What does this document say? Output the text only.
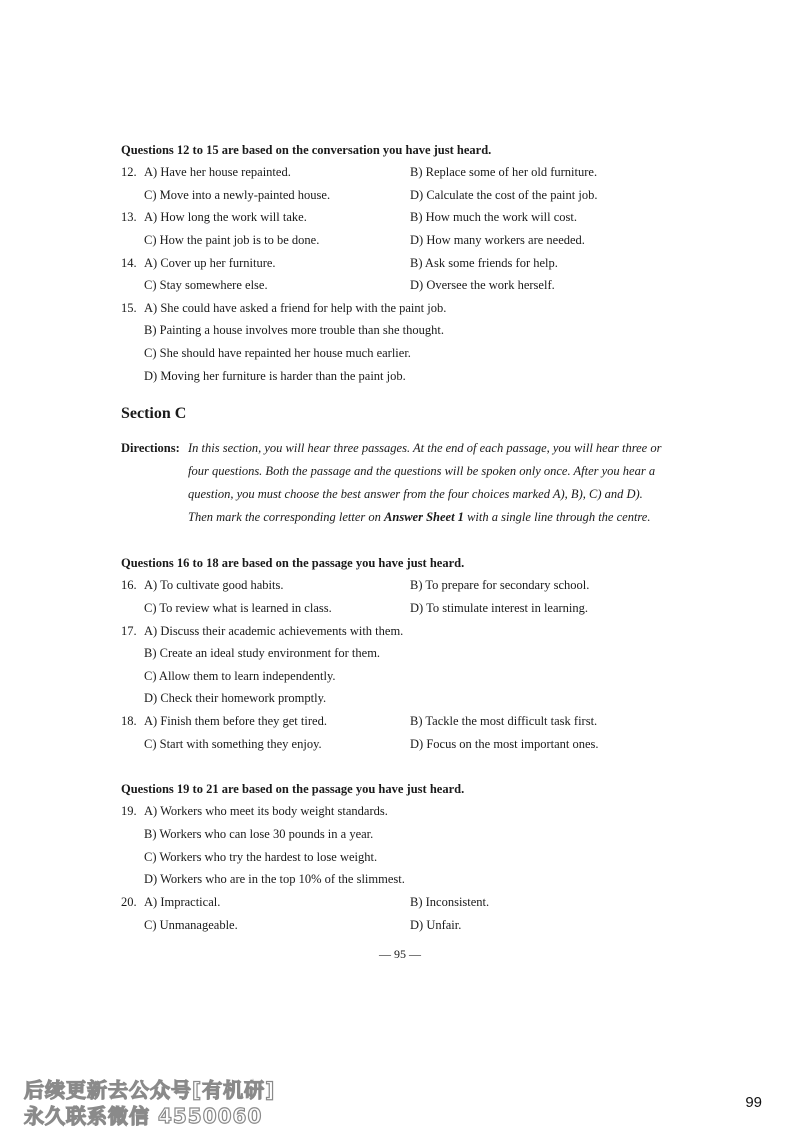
Questions 12 to 15 are based on the conversation you have just heard.
12. A) Have her house repainted.	B) Replace some of her old furniture.
C) Move into a newly-painted house.	D) Calculate the cost of the paint job.
13. A) How long the work will take.	B) How much the work will cost.
C) How the paint job is to be done.	D) How many workers are needed.
14. A) Cover up her furniture.	B) Ask some friends for help.
C) Stay somewhere else.	D) Oversee the work herself.
15. A) She could have asked a friend for help with the paint job.
B) Painting a house involves more trouble than she thought.
C) She should have repainted her house much earlier.
D) Moving her furniture is harder than the paint job.
Section C
Directions: In this section, you will hear three passages. At the end of each passage, you will hear three or
four questions. Both the passage and the questions will be spoken only once. After you hear a
question, you must choose the best answer from the four choices marked A), B), C) and D).
Then mark the corresponding letter on Answer Sheet 1 with a single line through the centre.
Questions 16 to 18 are based on the passage you have just heard.
16. A) To cultivate good habits.	B) To prepare for secondary school.
C) To review what is learned in class.	D) To stimulate interest in learning.
17. A) Discuss their academic achievements with them.
B) Create an ideal study environment for them.
C) Allow them to learn independently.
D) Check their homework promptly.
18. A) Finish them before they get tired.	B) Tackle the most difficult task first.
C) Start with something they enjoy.	D) Focus on the most important ones.
Questions 19 to 21 are based on the passage you have just heard.
19. A) Workers who meet its body weight standards.
B) Workers who can lose 30 pounds in a year.
C) Workers who try the hardest to lose weight.
D) Workers who are in the top 10% of the slimmest.
20. A) Impractical.	B) Inconsistent.
C) Unmanageable.	D) Unfair.
— 95 —
后续更新去公众号[有机研]
永久联系微信 4550060
99
